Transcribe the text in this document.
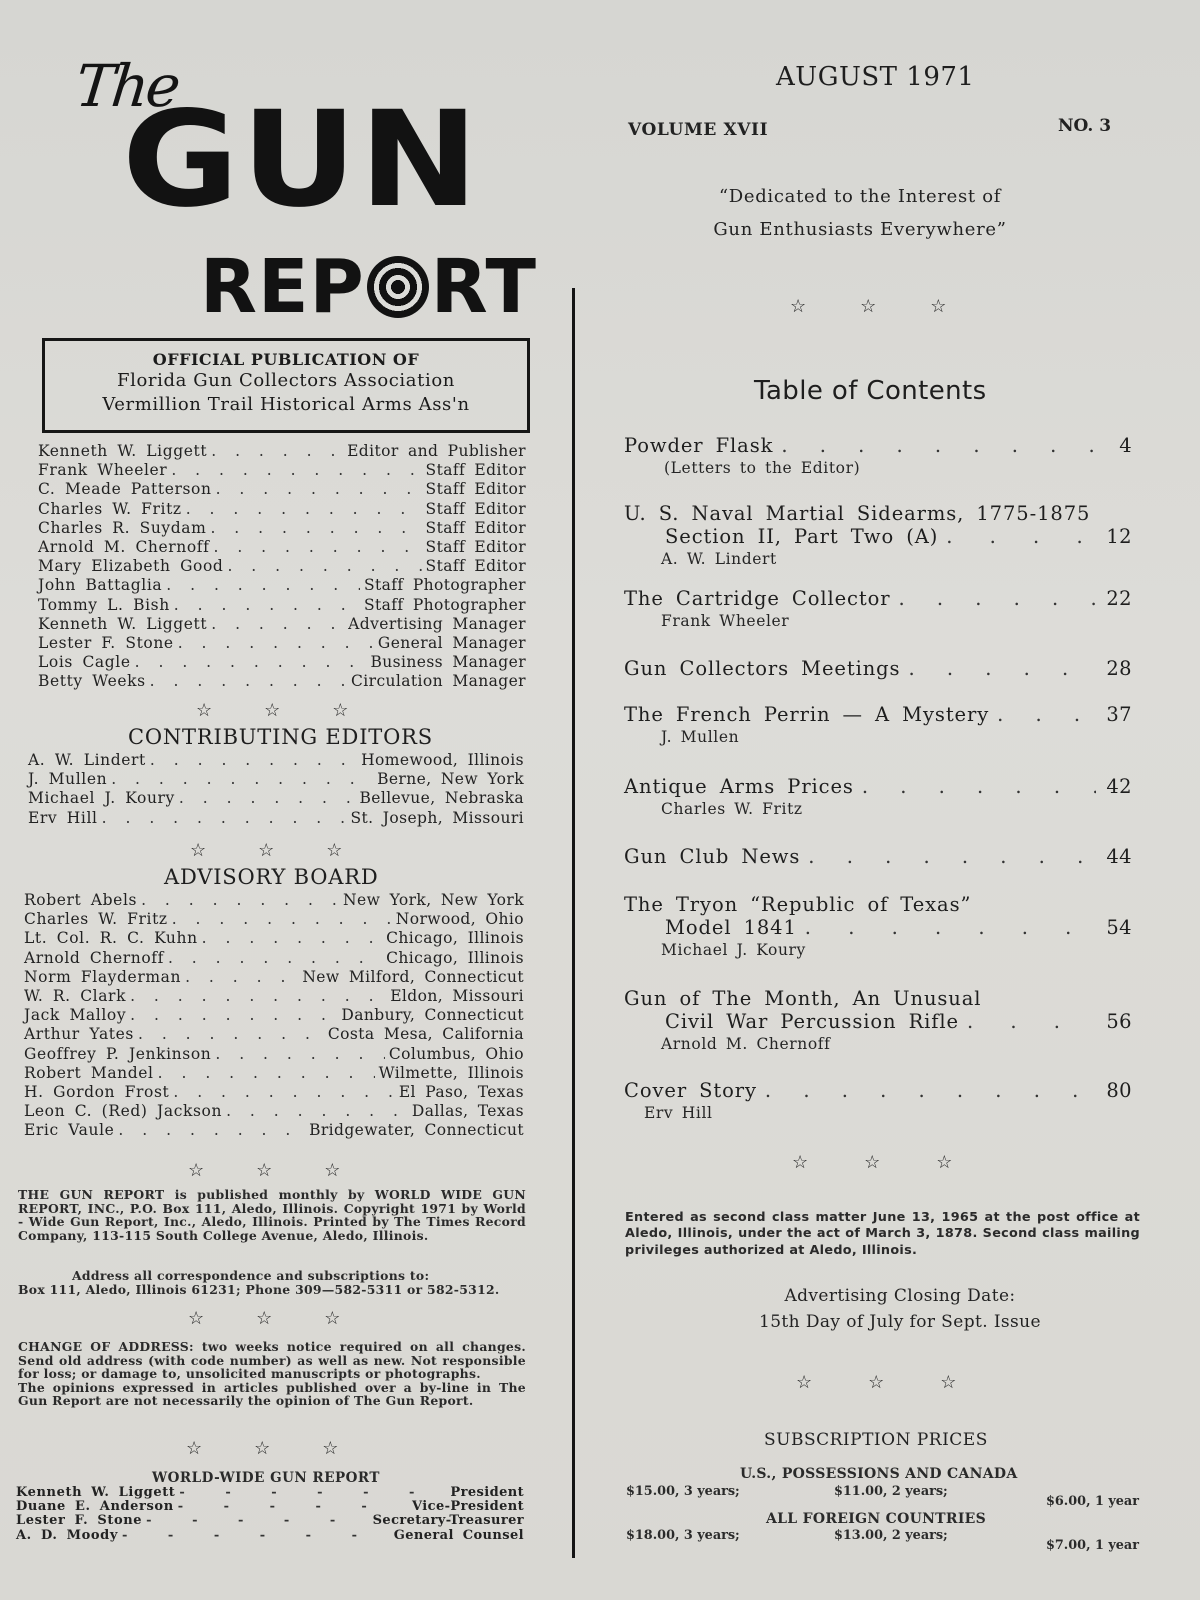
The
GUN
REP RT
OFFICIAL PUBLICATION OF
Florida Gun Collectors Association
Vermillion Trail Historical Arms Ass'n
Kenneth W. Liggett . . .	Editor and Publisher
Frank Wheeler . . .	Staff Editor
C. Meade Patterson . . .	Staff Editor
Charles W. Fritz . . .	Staff Editor
Charles R. Suydam . . .	Staff Editor
Arnold M. Chernoff . . .	Staff Editor
Mary Elizabeth Good . . .	Staff Editor
John Battaglia . . .	Staff Photographer
Tommy L. Bish . . .	Staff Photographer
Kenneth W. Liggett . . .	Advertising Manager
Lester F. Stone . . .	General Manager
Lois Cagle . . .	Business Manager
Betty Weeks . . .	Circulation Manager
☆	☆	☆
CONTRIBUTING EDITORS
A. W. Lindert . . .	Homewood, Illinois
J. Mullen . . .	Berne, New York
Michael J. Koury . . .	Bellevue, Nebraska
Erv Hill . . .	St. Joseph, Missouri
☆	☆	☆
ADVISORY BOARD
Robert Abels . . .	New York, New York
Charles W. Fritz . . .	Norwood, Ohio
Lt. Col. R. C. Kuhn . . .	Chicago, Illinois
Arnold Chernoff . . .	Chicago, Illinois
Norm Flayderman . . .	New Milford, Connecticut
W. R. Clark . . .	Eldon, Missouri
Jack Malloy . . .	Danbury, Connecticut
Arthur Yates . . .	Costa Mesa, California
Geoffrey P. Jenkinson . . .	Columbus, Ohio
Robert Mandel . . .	Wilmette, Illinois
H. Gordon Frost . . .	El Paso, Texas
Leon C. (Red) Jackson . . .	Dallas, Texas
Eric Vaule . . .	Bridgewater, Connecticut
☆	☆	☆
THE GUN REPORT is published monthly by WORLD WIDE GUN REPORT, INC., P.O. Box 111, Aledo, Illinois. Copyright 1971 by World - Wide Gun Report, Inc., Aledo, Illinois. Printed by The Times Record Company, 113-115 South College Avenue, Aledo, Illinois.
Address all correspondence and subscriptions to:
Box 111, Aledo, Illinois 61231; Phone 309—582-5311 or 582-5312.
☆	☆	☆
CHANGE OF ADDRESS: two weeks notice required on all changes. Send old address (with code number) as well as new. Not responsible for loss; or damage to, unsolicited manuscripts or photographs.
The opinions expressed in articles published over a by-line in The Gun Report are not necessarily the opinion of The Gun Report.
☆	☆	☆
WORLD-WIDE GUN REPORT
Kenneth W. Liggett - - -	President
Duane E. Anderson - - -	Vice-President
Lester F. Stone - - -	Secretary-Treasurer
A. D. Moody - - -	General Counsel
AUGUST 1971
VOLUME XVII	NO. 3
“Dedicated to the Interest of
Gun Enthusiasts Everywhere”
☆	☆	☆
Table of Contents
Powder Flask . . .	4
(Letters to the Editor)
U. S. Naval Martial Sidearms, 1775-1875
Section II, Part Two (A) . . .	12
A. W. Lindert
The Cartridge Collector . . .	22
Frank Wheeler
Gun Collectors Meetings . . .	28
The French Perrin — A Mystery . . .	37
J. Mullen
Antique Arms Prices . . .	42
Charles W. Fritz
Gun Club News . . .	44
The Tryon “Republic of Texas”
Model 1841 . . .	54
Michael J. Koury
Gun of The Month, An Unusual
Civil War Percussion Rifle . . .	56
Arnold M. Chernoff
Cover Story . . .	80
Erv Hill
☆	☆	☆
Entered as second class matter June 13, 1965 at the post office at Aledo, Illinois, under the act of March 3, 1878. Second class mailing privileges authorized at Aledo, Illinois.
Advertising Closing Date:
15th Day of July for Sept. Issue
☆	☆	☆
SUBSCRIPTION PRICES
U.S., POSSESSIONS AND CANADA
$15.00, 3 years;	$11.00, 2 years;
$6.00, 1 year
ALL FOREIGN COUNTRIES
$18.00, 3 years;	$13.00, 2 years;
$7.00, 1 year
